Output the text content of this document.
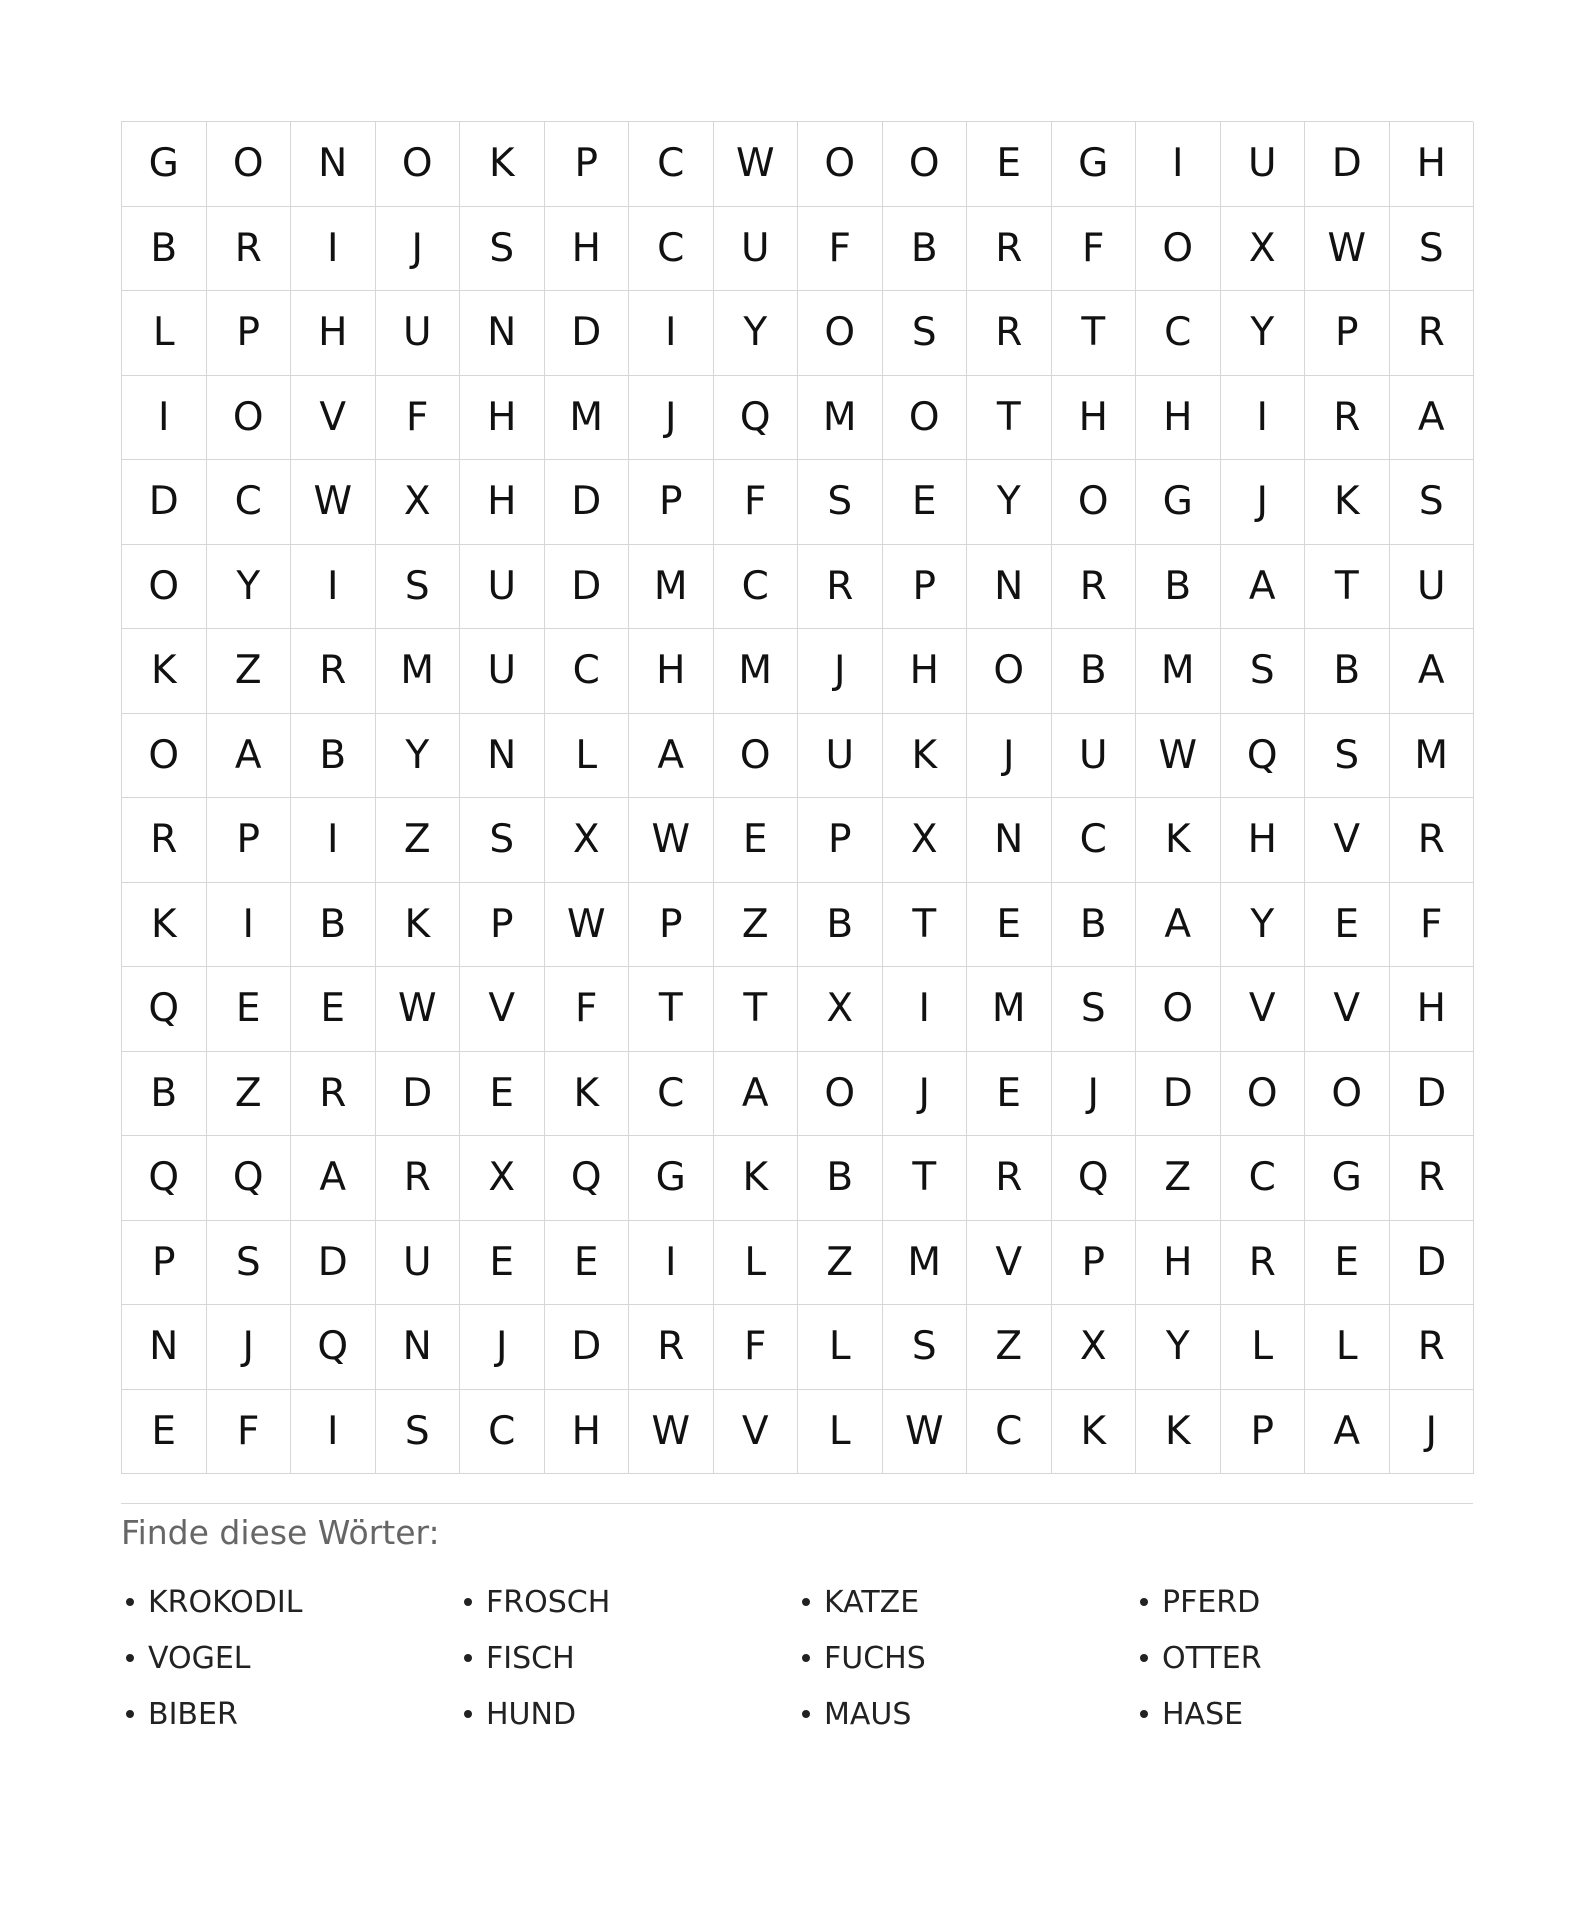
G	O	N	O	K	P	C	W	O	O	E	G	I	U	D	H
B	R	I	J	S	H	C	U	F	B	R	F	O	X	W	S
L	P	H	U	N	D	I	Y	O	S	R	T	C	Y	P	R
I	O	V	F	H	M	J	Q	M	O	T	H	H	I	R	A
D	C	W	X	H	D	P	F	S	E	Y	O	G	J	K	S
O	Y	I	S	U	D	M	C	R	P	N	R	B	A	T	U
K	Z	R	M	U	C	H	M	J	H	O	B	M	S	B	A
O	A	B	Y	N	L	A	O	U	K	J	U	W	Q	S	M
R	P	I	Z	S	X	W	E	P	X	N	C	K	H	V	R
K	I	B	K	P	W	P	Z	B	T	E	B	A	Y	E	F
Q	E	E	W	V	F	T	T	X	I	M	S	O	V	V	H
B	Z	R	D	E	K	C	A	O	J	E	J	D	O	O	D
Q	Q	A	R	X	Q	G	K	B	T	R	Q	Z	C	G	R
P	S	D	U	E	E	I	L	Z	M	V	P	H	R	E	D
N	J	Q	N	J	D	R	F	L	S	Z	X	Y	L	L	R
E	F	I	S	C	H	W	V	L	W	C	K	K	P	A	J
Finde diese Wörter:
KROKODIL	FROSCH	KATZE	PFERD
VOGEL	FISCH	FUCHS	OTTER
BIBER	HUND	MAUS	HASE
